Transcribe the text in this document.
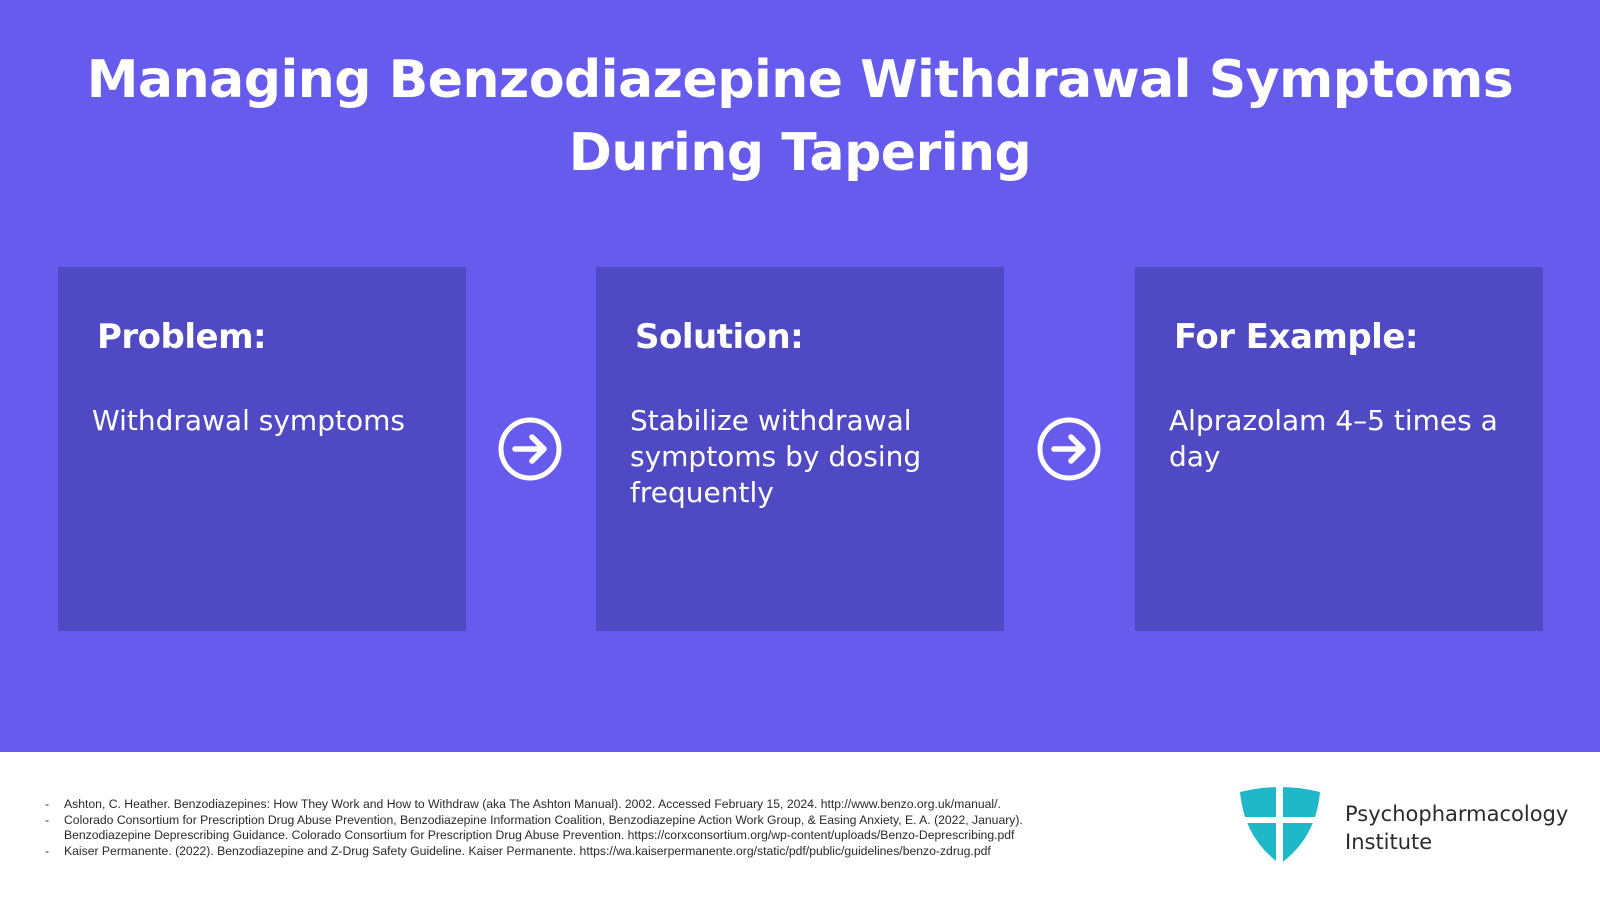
Managing Benzodiazepine Withdrawal Symptoms
During Tapering
Problem:
Withdrawal symptoms
Solution:
Stabilize withdrawal symptoms by dosing frequently
For Example:
Alprazolam 4–5 times a day
- Ashton, C. Heather. Benzodiazepines: How They Work and How to Withdraw (aka The Ashton Manual). 2002. Accessed February 15, 2024. http://www.benzo.org.uk/manual/.
- Colorado Consortium for Prescription Drug Abuse Prevention, Benzodiazepine Information Coalition, Benzodiazepine Action Work Group, & Easing Anxiety, E. A. (2022, January).
Benzodiazepine Deprescribing Guidance. Colorado Consortium for Prescription Drug Abuse Prevention. https://corxconsortium.org/wp-content/uploads/Benzo-Deprescribing.pdf
- Kaiser Permanente. (2022). Benzodiazepine and Z-Drug Safety Guideline. Kaiser Permanente. https://wa.kaiserpermanente.org/static/pdf/public/guidelines/benzo-zdrug.pdf
Psychopharmacology
Institute
